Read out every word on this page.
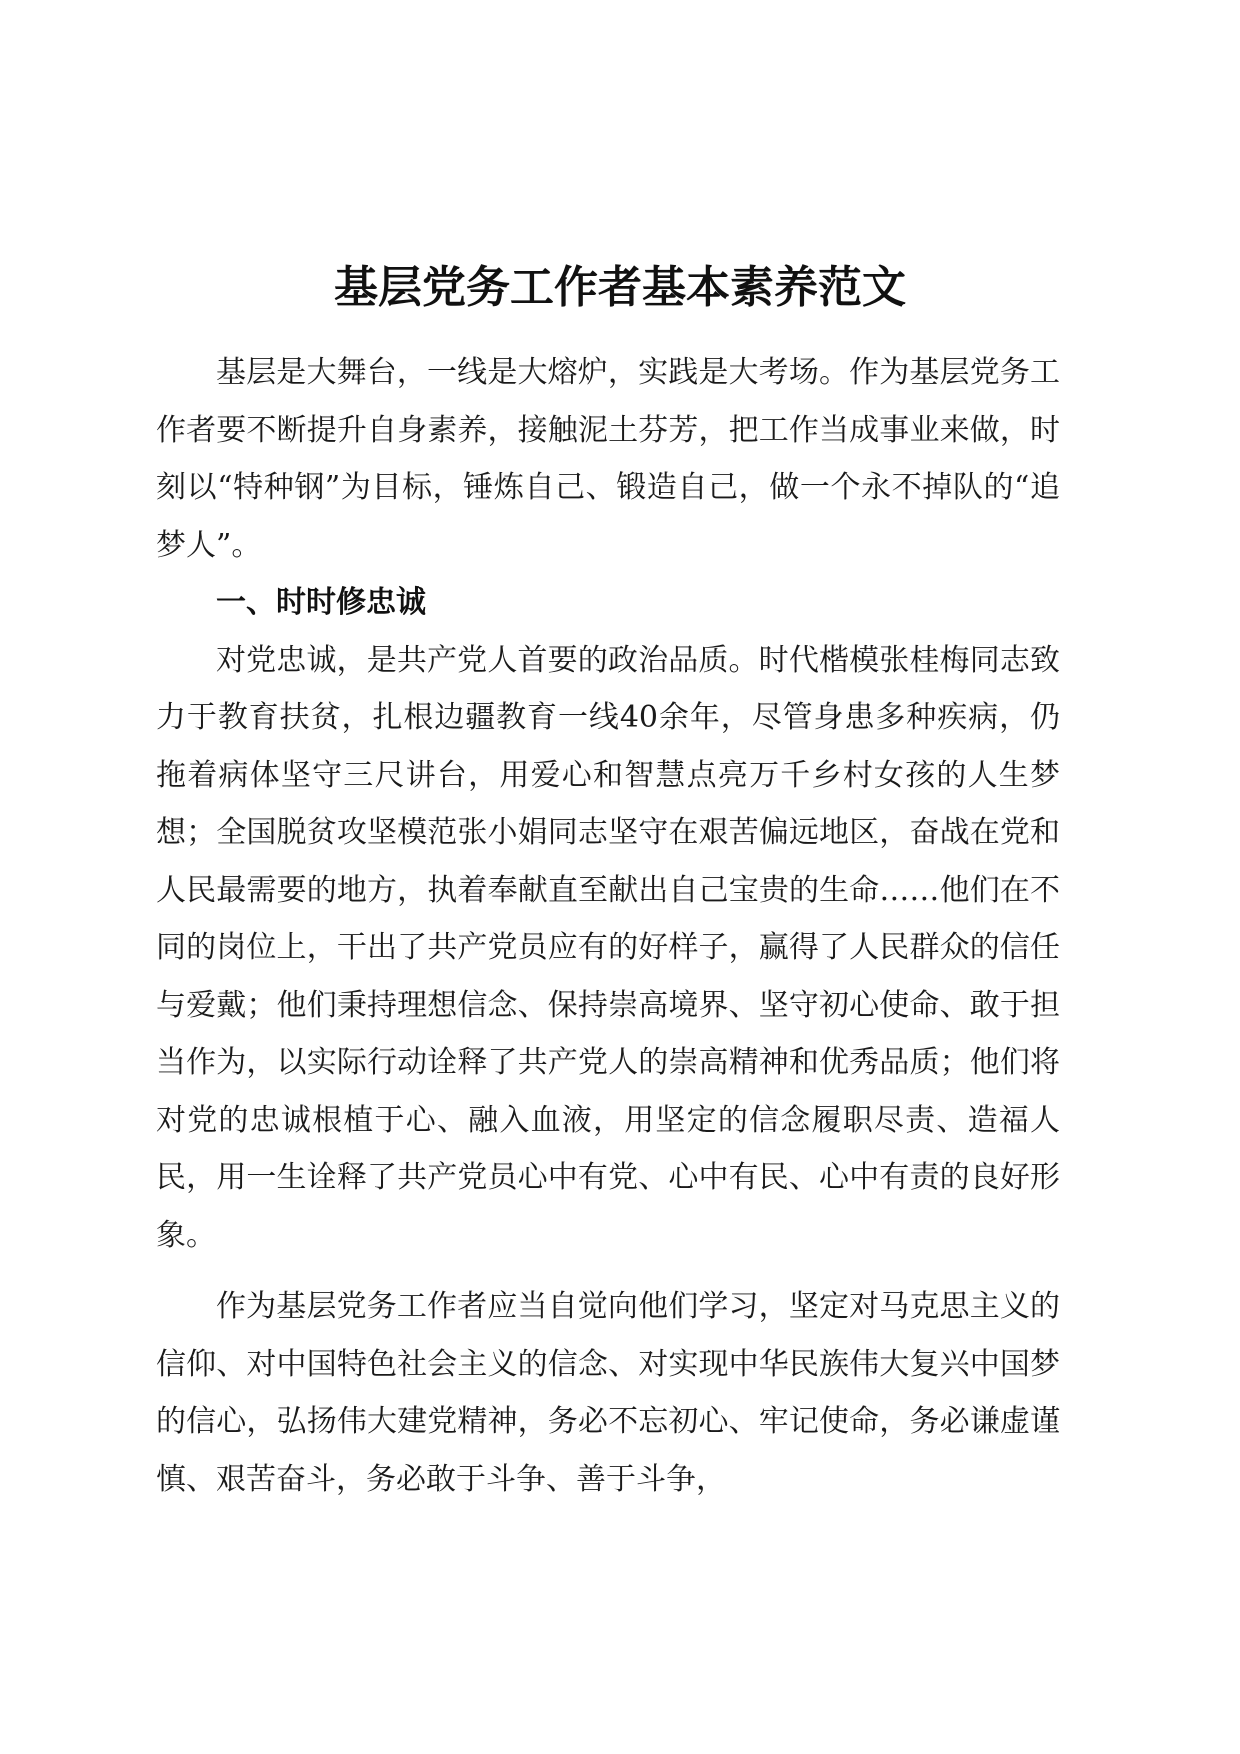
基层党务工作者基本素养范文

基层是大舞台，一线是大熔炉，实践是大考场。作为基层党务工作者要不断提升自身素养，接触泥土芬芳，把工作当成事业来做，时刻以“特种钢”为目标，锤炼自己、锻造自己，做一个永不掉队的“追梦人”。

一、时时修忠诚

对党忠诚，是共产党人首要的政治品质。时代楷模张桂梅同志致力于教育扶贫，扎根边疆教育一线40余年，尽管身患多种疾病，仍拖着病体坚守三尺讲台，用爱心和智慧点亮万千乡村女孩的人生梦想；全国脱贫攻坚模范张小娟同志坚守在艰苦偏远地区，奋战在党和人民最需要的地方，执着奉献直至献出自己宝贵的生命……他们在不同的岗位上，干出了共产党员应有的好样子，赢得了人民群众的信任与爱戴；他们秉持理想信念、保持崇高境界、坚守初心使命、敢于担当作为，以实际行动诠释了共产党人的崇高精神和优秀品质；他们将对党的忠诚根植于心、融入血液，用坚定的信念履职尽责、造福人民，用一生诠释了共产党员心中有党、心中有民、心中有责的良好形象。

作为基层党务工作者应当自觉向他们学习，坚定对马克思主义的信仰、对中国特色社会主义的信念、对实现中华民族伟大复兴中国梦的信心，弘扬伟大建党精神，务必不忘初心、牢记使命，务必谦虚谨慎、艰苦奋斗，务必敢于斗争、善于斗争，
